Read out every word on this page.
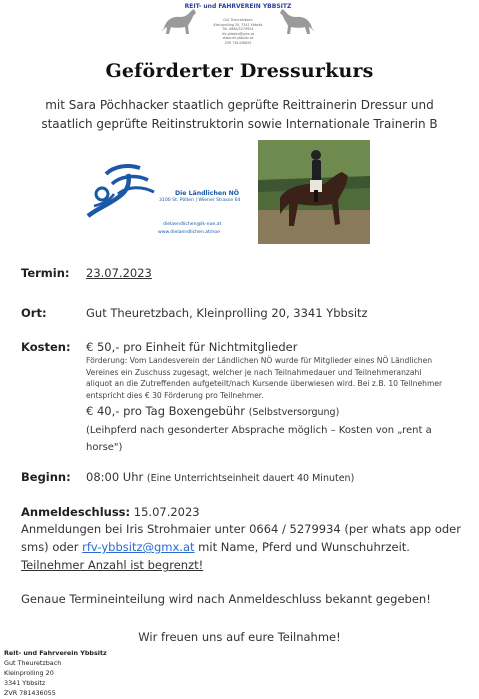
REIT- und FAHRVEREIN YBBSITZ
Gut Theuretzbach
Kleinprolling 20, 3341 Ybbsitz
Tel. 0664/5279934
rfv-ybbsitz@gmx.at
www.rfv-ybbsitz.at
ZVR 781436055
Geförderter Dressurkurs
mit Sara Pöchhacker staatlich geprüfte Reittrainerin Dressur und staatlich geprüfte Reitinstruktorin sowie Internationale Trainerin B
Die Ländlichen NÖ
3100 St. Pölten | Wiener Strasse 64
dielaendlichen@lk-noe.at
www.dielaendlichen.at/noe
Termin: 23.07.2023
Ort:	Gut Theuretzbach, Kleinprolling 20, 3341 Ybbsitz
Kosten: € 50,- pro Einheit für Nichtmitglieder
Förderung: Vom Landesverein der Ländlichen NÖ wurde für Mitglieder eines NÖ Ländlichen
Vereines ein Zuschuss zugesagt, welcher je nach Teilnahmedauer und Teilnehmeranzahl
aliquot an die Zutreffenden aufgeteilt/nach Kursende überwiesen wird. Bei z.B. 10 Teilnehmer
entspricht dies € 30 Förderung pro Teilnehmer.
€ 40,- pro Tag Boxengebühr (Selbstversorgung)
(Leihpferd nach gesonderter Absprache möglich – Kosten von „rent a
horse")
Beginn: 08:00 Uhr (Eine Unterrichtseinheit dauert 40 Minuten)
Anmeldeschluss: 15.07.2023
Anmeldungen bei Iris Strohmaier unter 0664 / 5279934 (per whats app oder
sms) oder rfv-ybbsitz@gmx.at mit Name, Pferd und Wunschuhrzeit.
Teilnehmer Anzahl ist begrenzt!
Genaue Termineinteilung wird nach Anmeldeschluss bekannt gegeben!
Wir freuen uns auf eure Teilnahme!
Reit- und Fahrverein Ybbsitz
Gut Theuretzbach
Kleinprolling 20
3341 Ybbsitz
ZVR 781436055
